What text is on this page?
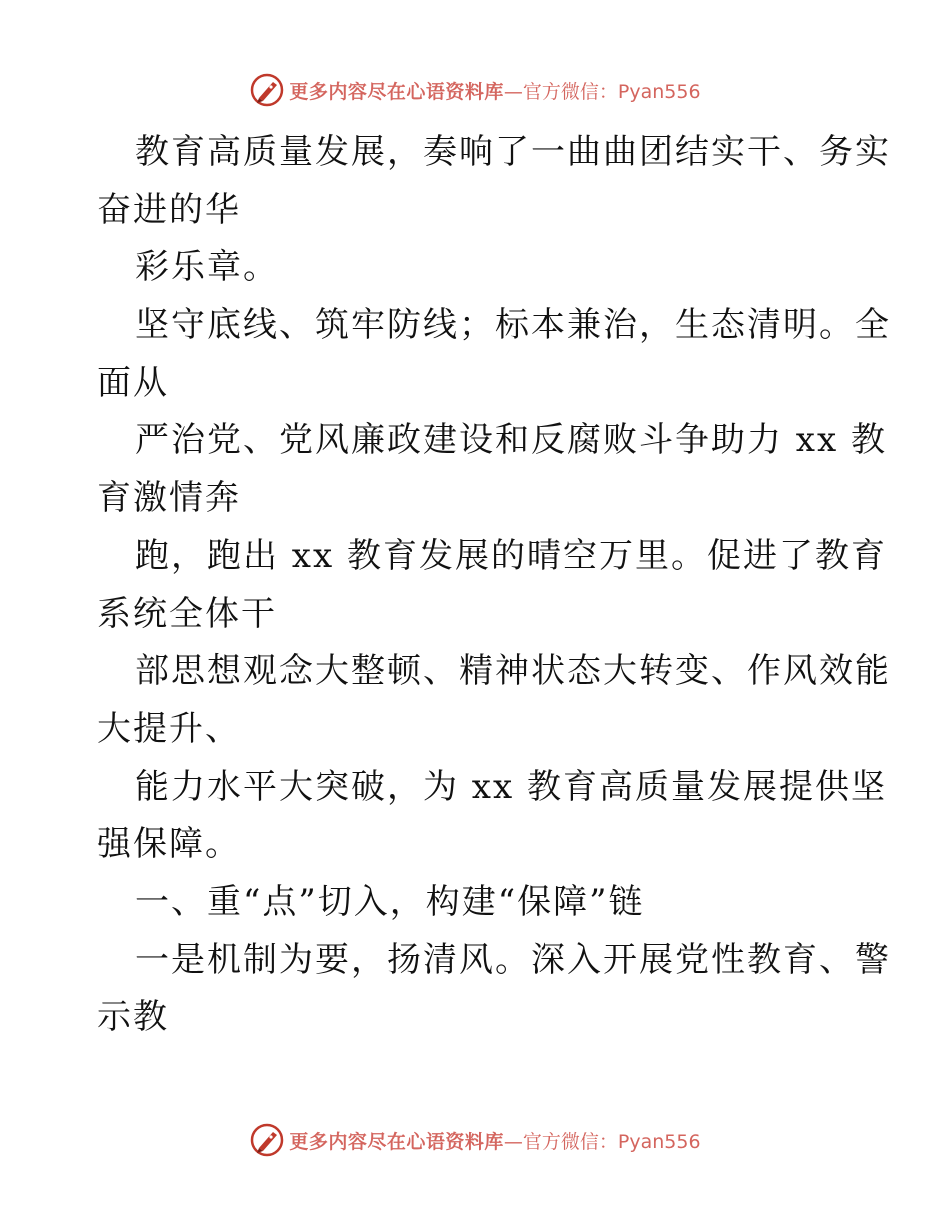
更多内容尽在心语资料库 —官方微信：Pyan556
教育高质量发展，奏响了一曲曲团结实干、务实
奋进的华
彩乐章。
坚守底线、筑牢防线；标本兼治，生态清明。全
面从
严治党、党风廉政建设和反腐败斗争助力 xx 教
育激情奔
跑，跑出 xx 教育发展的晴空万里。促进了教育
系统全体干
部思想观念大整顿、精神状态大转变、作风效能
大提升、
能力水平大突破，为 xx 教育高质量发展提供坚
强保障。
一、重“点”切入，构建“保障”链
一是机制为要，扬清风。深入开展党性教育、警
示教
更多内容尽在心语资料库 —官方微信：Pyan556
